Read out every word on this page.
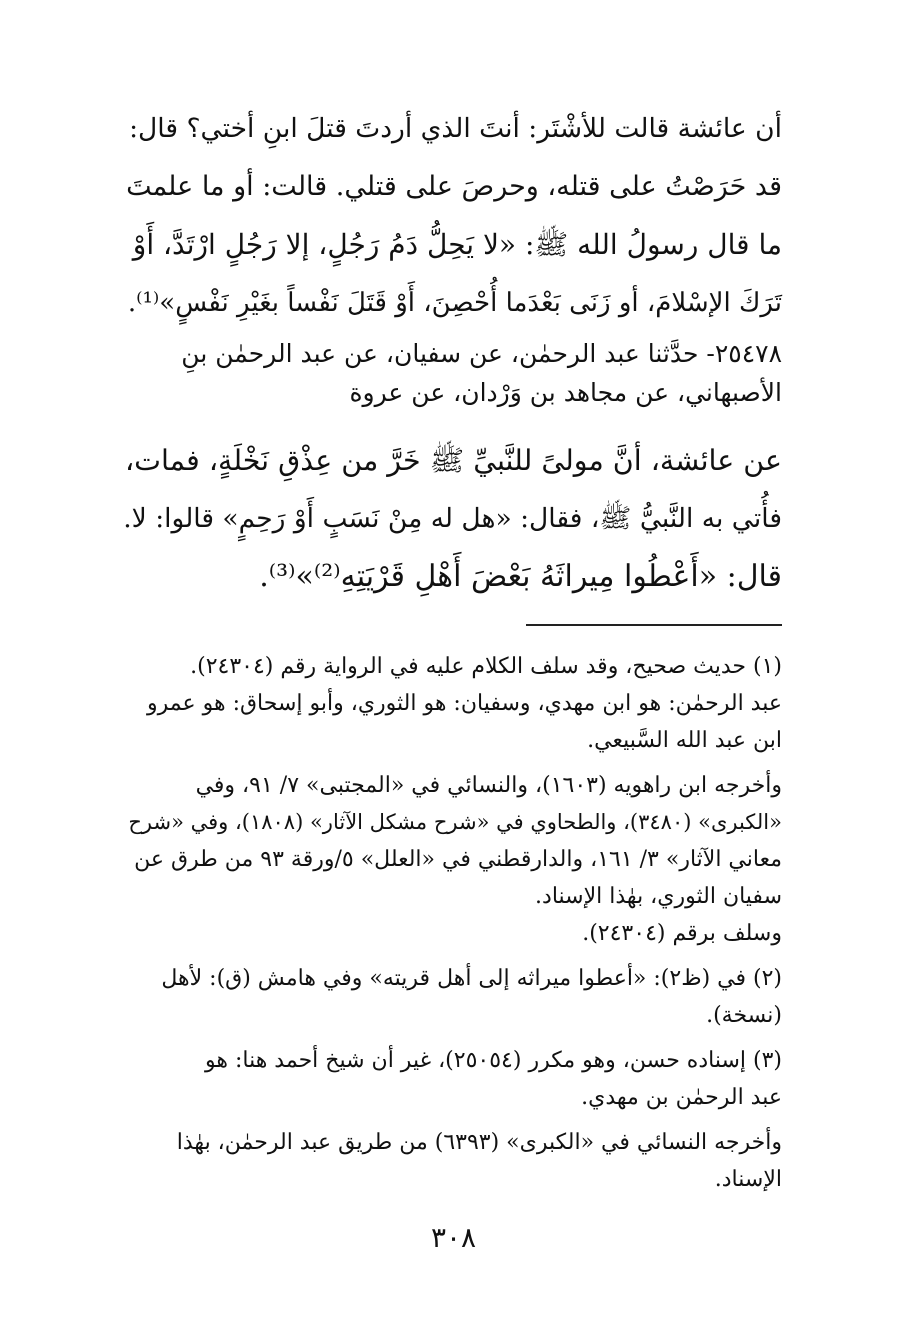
أن عائشة قالت للأشْتَر: أنتَ الذي أردتَ قتلَ ابنِ أختي؟ قال:

قد حَرَصْتُ على قتله، وحرصَ على قتلي. قالت: أو ما علمتَ

ما قال رسولُ الله ﷺ: «لا يَحِلُّ دَمُ رَجُلٍ، إلا رَجُلٍ ارْتَدَّ، أَوْ

تَرَكَ الإسْلامَ، أو زَنَى بَعْدَما أُحْصِنَ، أَوْ قَتَلَ نَفْساً بغَيْرِ نَفْسٍ»⁽¹⁾.

٢٥٤٧٨- حدَّثنا عبد الرحمٰن، عن سفيان، عن عبد الرحمٰن بنِ

الأصبهاني، عن مجاهد بن وَرْدان، عن عروة

عن عائشة، أنَّ مولىً للنَّبيِّ ﷺ خَرَّ من عِذْقِ نَخْلَةٍ، فمات،

فأُتي به النَّبيُّ ﷺ، فقال: «هل له مِنْ نَسَبٍ أَوْ رَحِمٍ» قالوا: لا.

قال: «أَعْطُوا مِيراثَهُ بَعْضَ أَهْلِ قَرْيَتِهِ⁽²⁾»⁽³⁾.

(١) حديث صحيح، وقد سلف الكلام عليه في الرواية رقم (٢٤٣٠٤).

عبد الرحمٰن: هو ابن مهدي، وسفيان: هو الثوري، وأبو إسحاق: هو عمرو

ابن عبد الله السَّبيعي.

وأخرجه ابن راهويه (١٦٠٣)، والنسائي في «المجتبى» ٧/ ٩١، وفي

«الكبرى» (٣٤٨٠)، والطحاوي في «شرح مشكل الآثار» (١٨٠٨)، وفي «شرح

معاني الآثار» ٣/ ١٦١، والدارقطني في «العلل» ٥/ورقة ٩٣ من طرق عن

سفيان الثوري، بهٰذا الإسناد.

وسلف برقم (٢٤٣٠٤).

(٢) في (ظ٢): «أعطوا ميراثه إلى أهل قريته» وفي هامش (ق): لأهل

(نسخة).

(٣) إسناده حسن، وهو مكرر (٢٥٠٥٤)، غير أن شيخ أحمد هنا: هو

عبد الرحمٰن بن مهدي.

وأخرجه النسائي في «الكبرى» (٦٣٩٣) من طريق عبد الرحمٰن، بهٰذا

الإسناد.

٣٠٨
